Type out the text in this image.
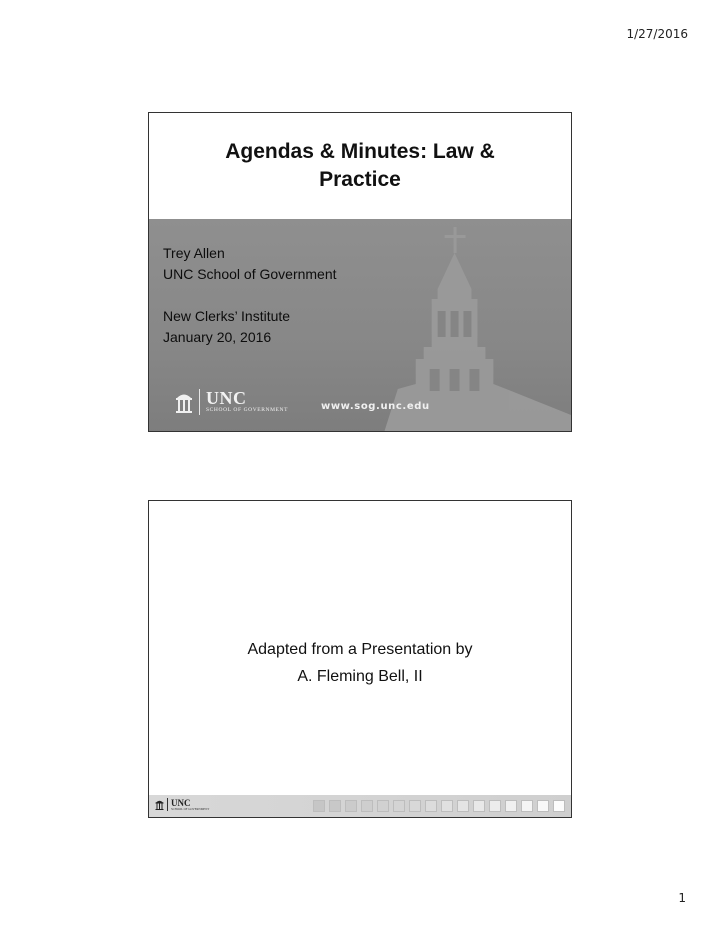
1/27/2016
Agendas & Minutes: Law & Practice
Trey Allen
UNC School of Government
New Clerks’ Institute
January 20, 2016
UNC
SCHOOL OF GOVERNMENT	www.sog.unc.edu
Adapted from a Presentation by
A. Fleming Bell, II
UNC
SCHOOL OF GOVERNMENT
1
